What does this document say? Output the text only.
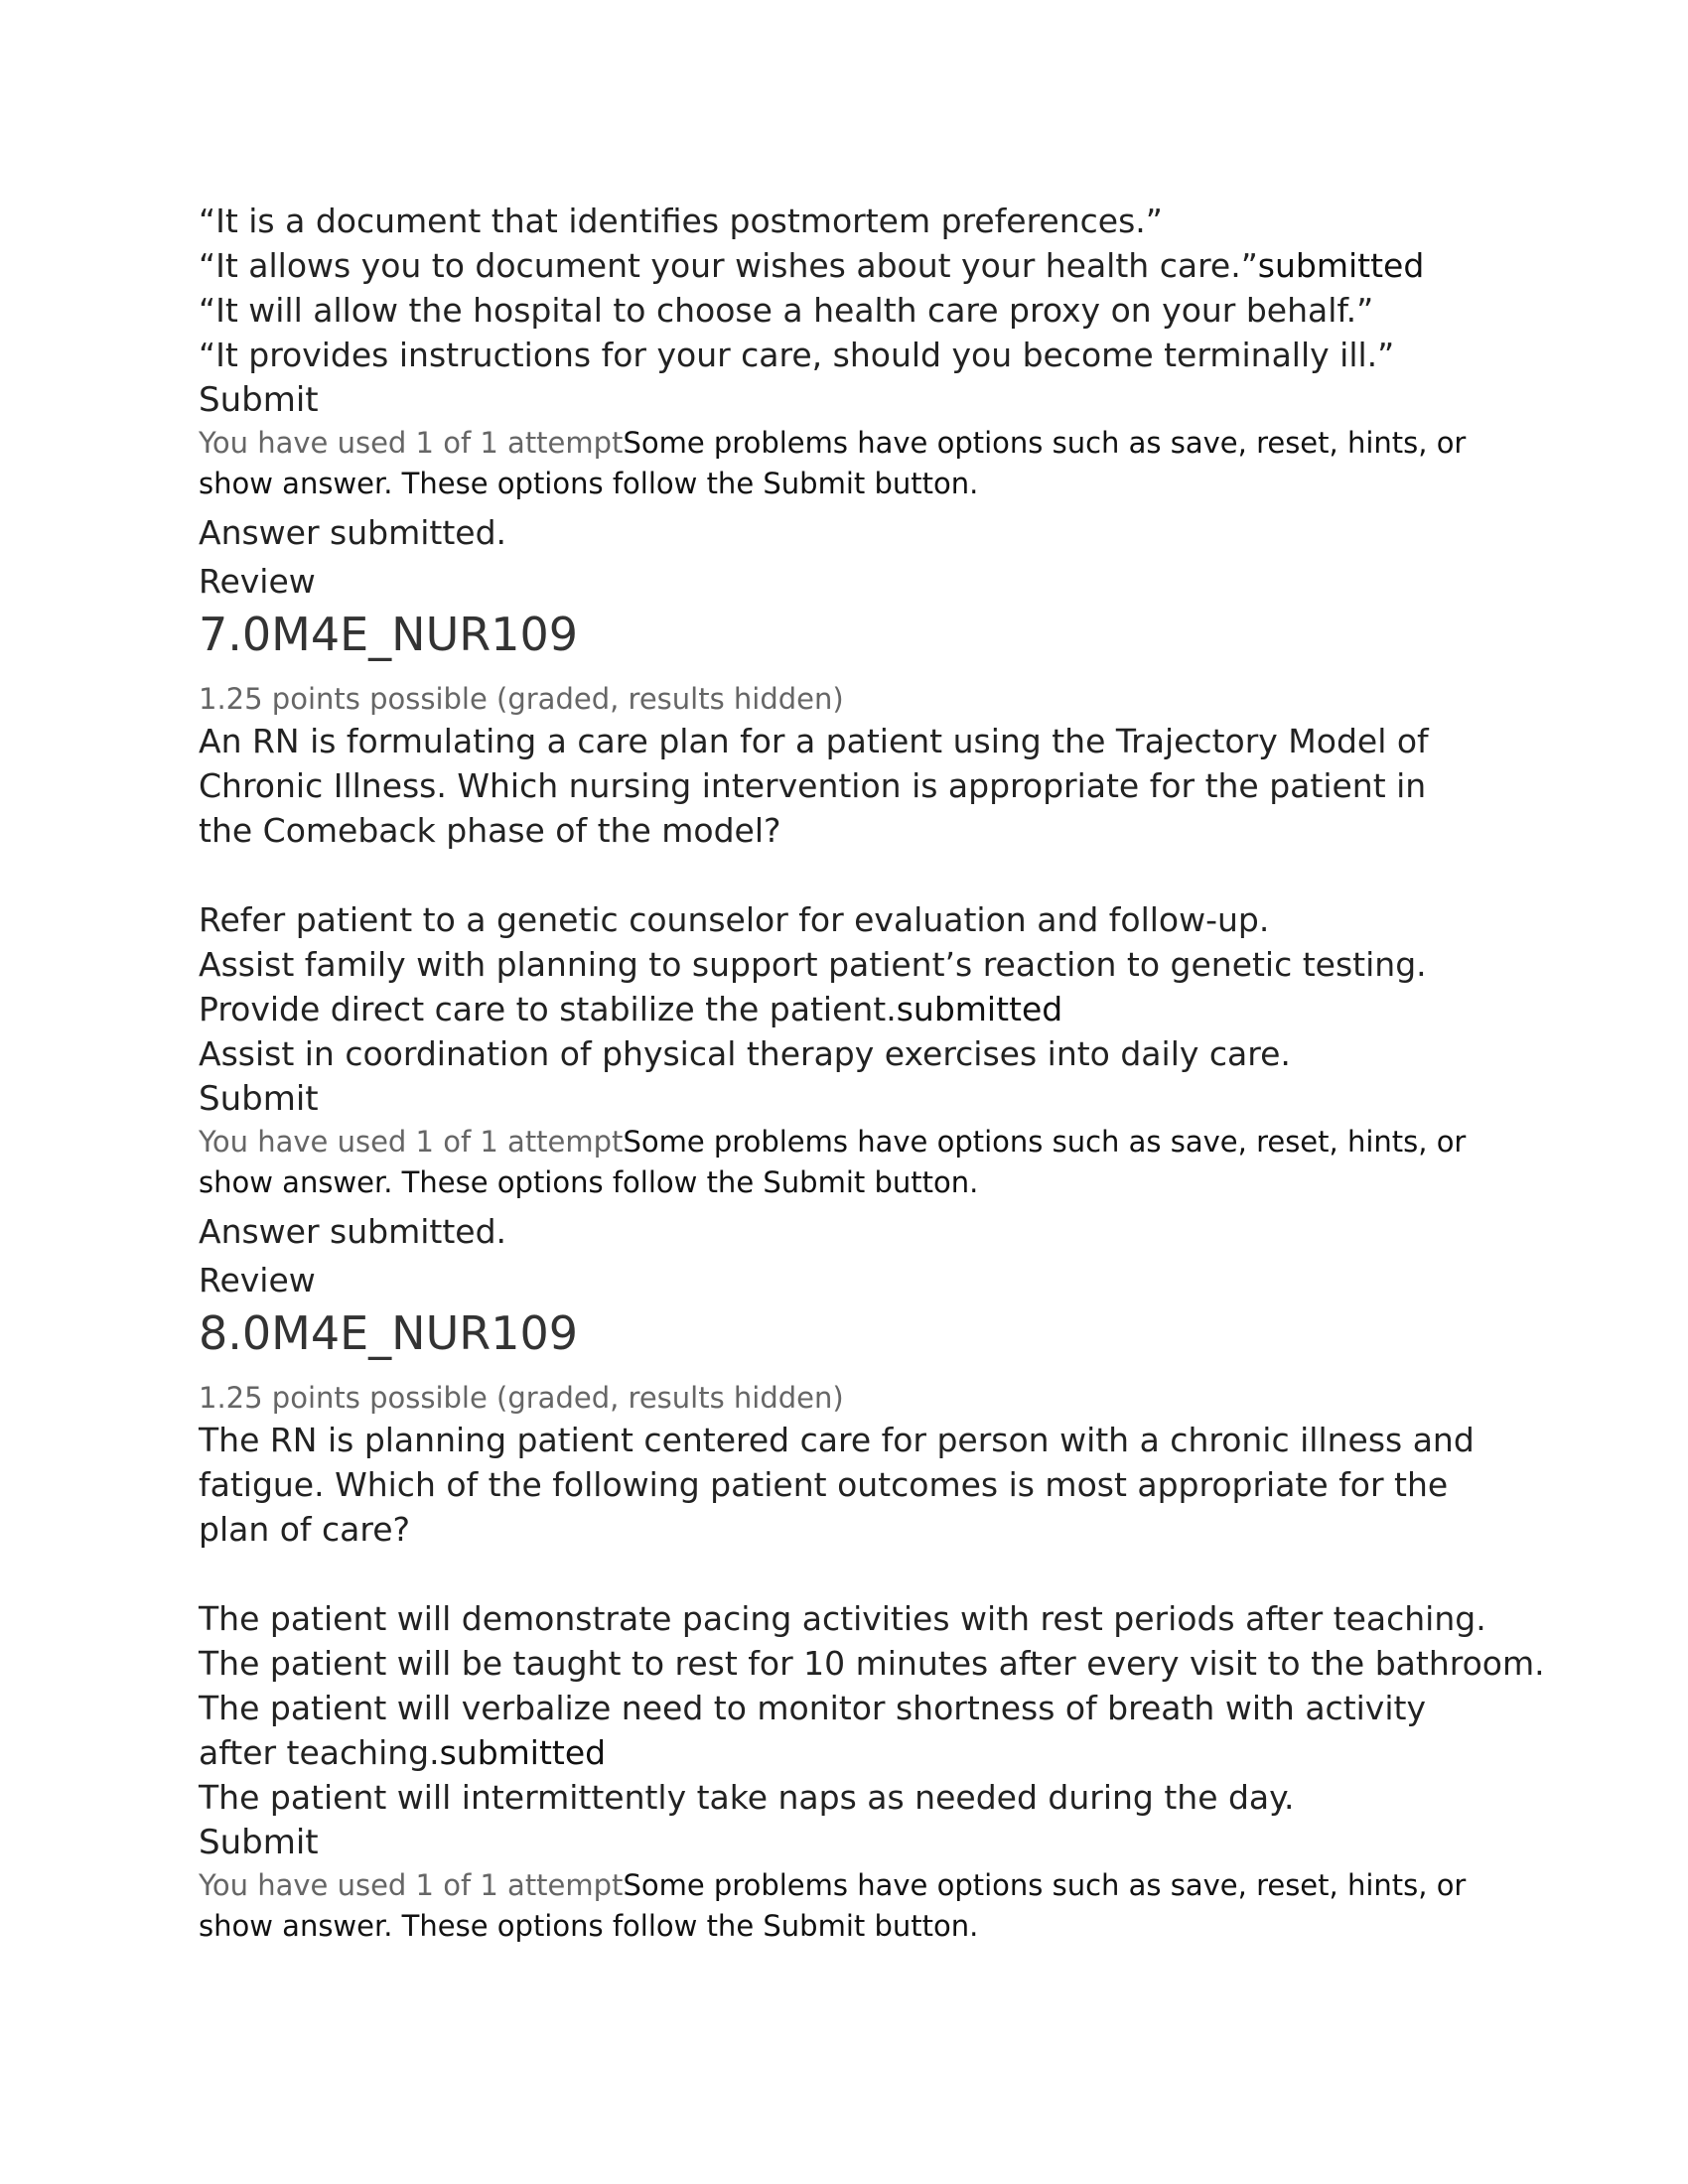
“It is a document that identifies postmortem preferences.”

“It allows you to document your wishes about your health care.”submitted

“It will allow the hospital to choose a health care proxy on your behalf.”

“It provides instructions for your care, should you become terminally ill.”

Submit

You have used 1 of 1 attemptSome problems have options such as save, reset, hints, or show answer. These options follow the Submit button.

Answer submitted.

Review

7.0M4E_NUR109

1.25 points possible (graded, results hidden)

An RN is formulating a care plan for a patient using the Trajectory Model of Chronic Illness. Which nursing intervention is appropriate for the patient in the Comeback phase of the model?

Refer patient to a genetic counselor for evaluation and follow-up.

Assist family with planning to support patient’s reaction to genetic testing.

Provide direct care to stabilize the patient.submitted

Assist in coordination of physical therapy exercises into daily care.

Submit

You have used 1 of 1 attemptSome problems have options such as save, reset, hints, or show answer. These options follow the Submit button.

Answer submitted.

Review

8.0M4E_NUR109

1.25 points possible (graded, results hidden)

The RN is planning patient centered care for person with a chronic illness and fatigue. Which of the following patient outcomes is most appropriate for the plan of care?

The patient will demonstrate pacing activities with rest periods after teaching.

The patient will be taught to rest for 10 minutes after every visit to the bathroom.

The patient will verbalize need to monitor shortness of breath with activity after teaching.submitted

The patient will intermittently take naps as needed during the day.

Submit

You have used 1 of 1 attemptSome problems have options such as save, reset, hints, or show answer. These options follow the Submit button.
